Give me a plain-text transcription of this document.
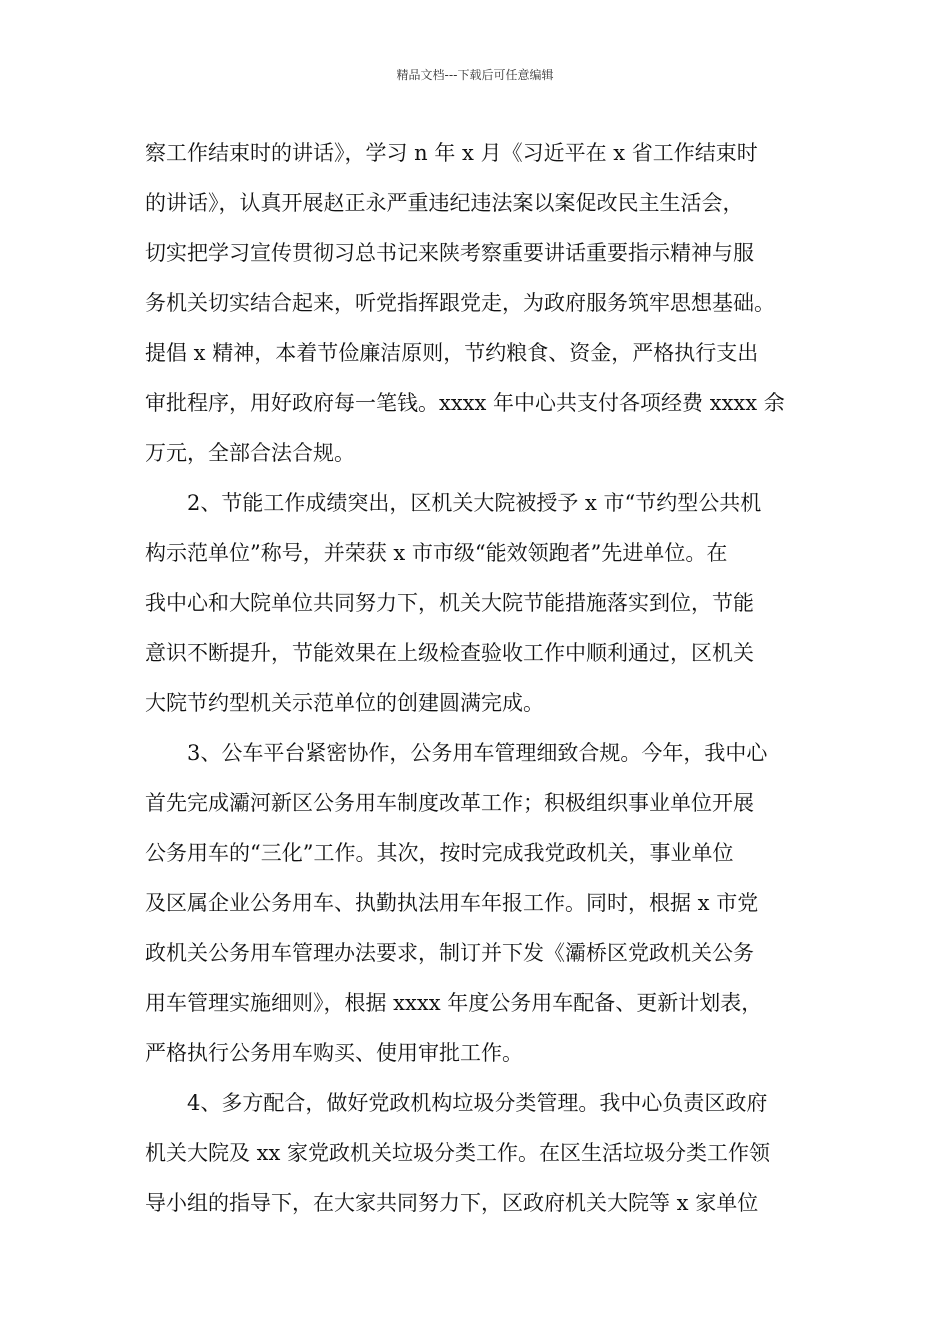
精品文档---下载后可任意编辑
察工作结束时的讲话》，学习 n 年 x 月《习近平在 x 省工作结束时
的讲话》，认真开展赵正永严重违纪违法案以案促改民主生活会，
切实把学习宣传贯彻习总书记来陕考察重要讲话重要指示精神与服
务机关切实结合起来，听党指挥跟党走，为政府服务筑牢思想基础。
提倡 x 精神，本着节俭廉洁原则，节约粮食、资金，严格执行支出
审批程序，用好政府每一笔钱。xxxx 年中心共支付各项经费 xxxx 余
万元，全部合法合规。
2、节能工作成绩突出，区机关大院被授予 x 市“节约型公共机
构示范单位”称号，并荣获 x 市市级“能效领跑者”先进单位。在
我中心和大院单位共同努力下，机关大院节能措施落实到位，节能
意识不断提升，节能效果在上级检查验收工作中顺利通过，区机关
大院节约型机关示范单位的创建圆满完成。
3、公车平台紧密协作，公务用车管理细致合规。今年，我中心
首先完成灞河新区公务用车制度改革工作；积极组织事业单位开展
公务用车的“三化”工作。其次，按时完成我党政机关，事业单位
及区属企业公务用车、执勤执法用车年报工作。同时，根据 x 市党
政机关公务用车管理办法要求，制订并下发《灞桥区党政机关公务
用车管理实施细则》，根据 xxxx 年度公务用车配备、更新计划表，
严格执行公务用车购买、使用审批工作。
4、多方配合，做好党政机构垃圾分类管理。我中心负责区政府
机关大院及 xx 家党政机关垃圾分类工作。在区生活垃圾分类工作领
导小组的指导下，在大家共同努力下，区政府机关大院等 x 家单位
